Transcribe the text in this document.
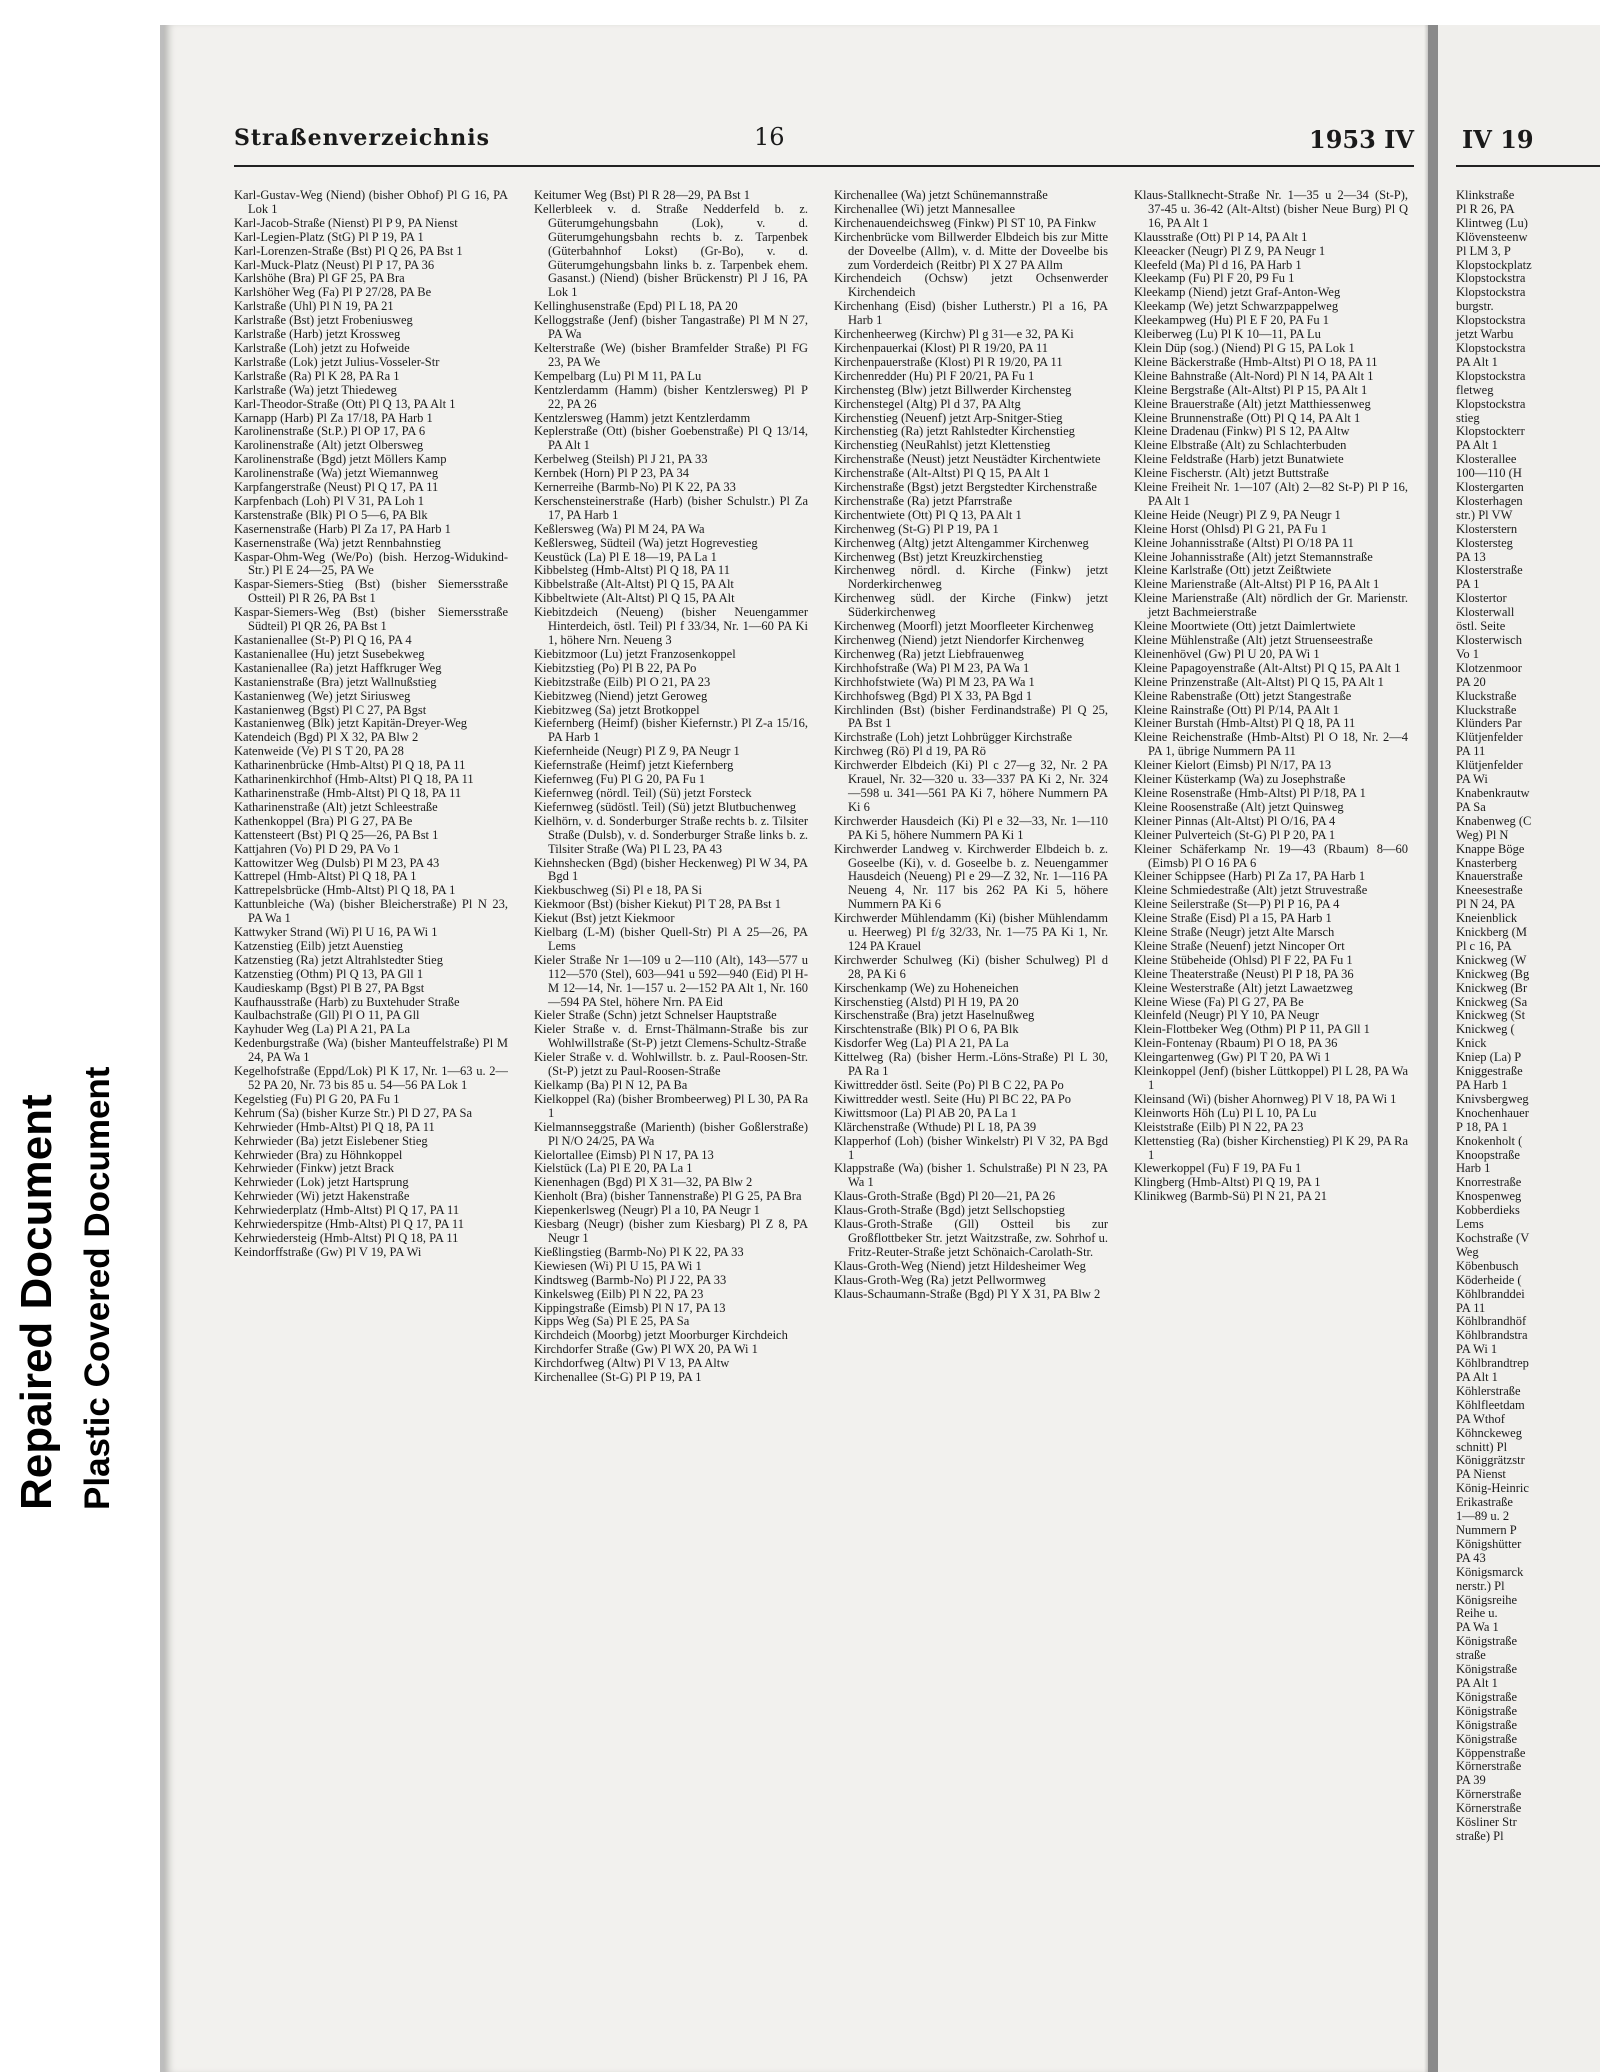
Repaired Document Plastic Covered Document
Straßenverzeichnis	16	1953 IV

Karl-Gustav-Weg (Niend) (bisher Obhof) Pl G 16, PA Lok 1

Karl-Jacob-Straße (Nienst) Pl P 9, PA Nienst

Karl-Legien-Platz (StG) Pl P 19, PA 1

Karl-Lorenzen-Straße (Bst) Pl Q 26, PA Bst 1

Karl-Muck-Platz (Neust) Pl P 17, PA 36

Karlshöhe (Bra) Pl GF 25, PA Bra

Karlshöher Weg (Fa) Pl P 27/28, PA Be

Karlstraße (Uhl) Pl N 19, PA 21

Karlstraße (Bst) jetzt Frobeniusweg

Karlstraße (Harb) jetzt Krossweg

Karlstraße (Loh) jetzt zu Hofweide

Karlstraße (Lok) jetzt Julius-Vosseler-Str

Karlstraße (Ra) Pl K 28, PA Ra 1

Karlstraße (Wa) jetzt Thiedeweg

Karl-Theodor-Straße (Ott) Pl Q 13, PA Alt 1

Karnapp (Harb) Pl Za 17/18, PA Harb 1

Karolinenstraße (St.P.) Pl OP 17, PA 6

Karolinenstraße (Alt) jetzt Olbersweg

Karolinenstraße (Bgd) jetzt Möllers Kamp

Karolinenstraße (Wa) jetzt Wiemannweg

Karpfangerstraße (Neust) Pl Q 17, PA 11

Karpfenbach (Loh) Pl V 31, PA Loh 1

Karstenstraße (Blk) Pl O 5—6, PA Blk

Kasernenstraße (Harb) Pl Za 17, PA Harb 1

Kasernenstraße (Wa) jetzt Rennbahnstieg

Kaspar-Ohm-Weg (We/Po) (bish. Herzog-Widukind-Str.) Pl E 24—25, PA We

Kaspar-Siemers-Stieg (Bst) (bisher Siemersstraße Ostteil) Pl R 26, PA Bst 1

Kaspar-Siemers-Weg (Bst) (bisher Siemersstraße Südteil) Pl QR 26, PA Bst 1

Kastanienallee (St-P) Pl Q 16, PA 4

Kastanienallee (Hu) jetzt Susebekweg

Kastanienallee (Ra) jetzt Haffkruger Weg

Kastanienstraße (Bra) jetzt Wallnußstieg

Kastanienweg (We) jetzt Siriusweg

Kastanienweg (Bgst) Pl C 27, PA Bgst

Kastanienweg (Blk) jetzt Kapitän-Dreyer-Weg

Katendeich (Bgd) Pl X 32, PA Blw 2

Katenweide (Ve) Pl S T 20, PA 28

Katharinenbrücke (Hmb-Altst) Pl Q 18, PA 11

Katharinenkirchhof (Hmb-Altst) Pl Q 18, PA 11

Katharinenstraße (Hmb-Altst) Pl Q 18, PA 11

Katharinenstraße (Alt) jetzt Schleestraße

Kathenkoppel (Bra) Pl G 27, PA Be

Kattensteert (Bst) Pl Q 25—26, PA Bst 1

Kattjahren (Vo) Pl D 29, PA Vo 1

Kattowitzer Weg (Dulsb) Pl M 23, PA 43

Kattrepel (Hmb-Altst) Pl Q 18, PA 1

Kattrepelsbrücke (Hmb-Altst) Pl Q 18, PA 1

Kattunbleiche (Wa) (bisher Bleicherstraße) Pl N 23, PA Wa 1

Kattwyker Strand (Wi) Pl U 16, PA Wi 1

Katzenstieg (Eilb) jetzt Auenstieg

Katzenstieg (Ra) jetzt Altrahlstedter Stieg

Katzenstieg (Othm) Pl Q 13, PA Gll 1

Kaudieskamp (Bgst) Pl B 27, PA Bgst

Kaufhausstraße (Harb) zu Buxtehuder Straße

Kaulbachstraße (Gll) Pl O 11, PA Gll

Kayhuder Weg (La) Pl A 21, PA La

Kedenburgstraße (Wa) (bisher Manteuffelstraße) Pl M 24, PA Wa 1

Kegelhofstraße (Eppd/Lok) Pl K 17, Nr. 1—63 u. 2—52 PA 20, Nr. 73 bis 85 u. 54—56 PA Lok 1

Kegelstieg (Fu) Pl G 20, PA Fu 1

Kehrum (Sa) (bisher Kurze Str.) Pl D 27, PA Sa

Kehrwieder (Hmb-Altst) Pl Q 18, PA 11

Kehrwieder (Ba) jetzt Eislebener Stieg

Kehrwieder (Bra) zu Höhnkoppel

Kehrwieder (Finkw) jetzt Brack

Kehrwieder (Lok) jetzt Hartsprung

Kehrwieder (Wi) jetzt Hakenstraße

Kehrwiederplatz (Hmb-Altst) Pl Q 17, PA 11

Kehrwiederspitze (Hmb-Altst) Pl Q 17, PA 11

Kehrwiedersteig (Hmb-Altst) Pl Q 18, PA 11

Keindorffstraße (Gw) Pl V 19, PA Wi

Keitumer Weg (Bst) Pl R 28—29, PA Bst 1

Kellerbleek v. d. Straße Nedderfeld b. z. Güterumgehungsbahn (Lok), v. d. Güterumgehungsbahn rechts b. z. Tarpenbek (Güterbahnhof Lokst) (Gr-Bo), v. d. Güterumgehungsbahn links b. z. Tarpenbek ehem. Gasanst.) (Niend) (bisher Brückenstr) Pl J 16, PA Lok 1

Kellinghusenstraße (Epd) Pl L 18, PA 20

Kelloggstraße (Jenf) (bisher Tangastraße) Pl M N 27, PA Wa

Kelterstraße (We) (bisher Bramfelder Straße) Pl FG 23, PA We

Kempelbarg (Lu) Pl M 11, PA Lu

Kentzlerdamm (Hamm) (bisher Kentzlersweg) Pl P 22, PA 26

Kentzlersweg (Hamm) jetzt Kentzlerdamm

Keplerstraße (Ott) (bisher Goebenstraße) Pl Q 13/14, PA Alt 1

Kerbelweg (Steilsh) Pl J 21, PA 33

Kernbek (Horn) Pl P 23, PA 34

Kernerreihe (Barmb-No) Pl K 22, PA 33

Kerschensteinerstraße (Harb) (bisher Schulstr.) Pl Za 17, PA Harb 1

Keßlersweg (Wa) Pl M 24, PA Wa

Keßlersweg, Südteil (Wa) jetzt Hogrevestieg

Keustück (La) Pl E 18—19, PA La 1

Kibbelsteg (Hmb-Altst) Pl Q 18, PA 11

Kibbelstraße (Alt-Altst) Pl Q 15, PA Alt

Kibbeltwiete (Alt-Altst) Pl Q 15, PA Alt

Kiebitzdeich (Neueng) (bisher Neuengammer Hinterdeich, östl. Teil) Pl f 33/34, Nr. 1—60 PA Ki 1, höhere Nrn. Neueng 3

Kiebitzmoor (Lu) jetzt Franzosenkoppel

Kiebitzstieg (Po) Pl B 22, PA Po

Kiebitzstraße (Eilb) Pl O 21, PA 23

Kiebitzweg (Niend) jetzt Geroweg

Kiebitzweg (Sa) jetzt Brotkoppel

Kiefernberg (Heimf) (bisher Kiefernstr.) Pl Z-a 15/16, PA Harb 1

Kiefernheide (Neugr) Pl Z 9, PA Neugr 1

Kiefernstraße (Heimf) jetzt Kiefernberg

Kiefernweg (Fu) Pl G 20, PA Fu 1

Kiefernweg (nördl. Teil) (Sü) jetzt Forsteck

Kiefernweg (südöstl. Teil) (Sü) jetzt Blutbuchenweg

Kielhörn, v. d. Sonderburger Straße rechts b. z. Tilsiter Straße (Dulsb), v. d. Sonderburger Straße links b. z. Tilsiter Straße (Wa) Pl L 23, PA 43

Kiehnshecken (Bgd) (bisher Heckenweg) Pl W 34, PA Bgd 1

Kiekbuschweg (Si) Pl e 18, PA Si

Kiekmoor (Bst) (bisher Kiekut) Pl T 28, PA Bst 1

Kiekut (Bst) jetzt Kiekmoor

Kielbarg (L-M) (bisher Quell-Str) Pl A 25—26, PA Lems

Kieler Straße Nr 1—109 u 2—110 (Alt), 143—577 u 112—570 (Stel), 603—941 u 592—940 (Eid) Pl H-M 12—14, Nr. 1—157 u. 2—152 PA Alt 1, Nr. 160—594 PA Stel, höhere Nrn. PA Eid

Kieler Straße (Schn) jetzt Schnelser Hauptstraße

Kieler Straße v. d. Ernst-Thälmann-Straße bis zur Wohlwillstraße (St-P) jetzt Clemens-Schultz-Straße

Kieler Straße v. d. Wohlwillstr. b. z. Paul-Roosen-Str. (St-P) jetzt zu Paul-Roosen-Straße

Kielkamp (Ba) Pl N 12, PA Ba

Kielkoppel (Ra) (bisher Brombeerweg) Pl L 30, PA Ra 1

Kielmannseggstraße (Marienth) (bisher Goßlerstraße) Pl N/O 24/25, PA Wa

Kielortallee (Eimsb) Pl N 17, PA 13

Kielstück (La) Pl E 20, PA La 1

Kienenhagen (Bgd) Pl X 31—32, PA Blw 2

Kienholt (Bra) (bisher Tannenstraße) Pl G 25, PA Bra

Kiepenkerlsweg (Neugr) Pl a 10, PA Neugr 1

Kiesbarg (Neugr) (bisher zum Kiesbarg) Pl Z 8, PA Neugr 1

Kießlingstieg (Barmb-No) Pl K 22, PA 33

Kiewiesen (Wi) Pl U 15, PA Wi 1

Kindtsweg (Barmb-No) Pl J 22, PA 33

Kinkelsweg (Eilb) Pl N 22, PA 23

Kippingstraße (Eimsb) Pl N 17, PA 13

Kipps Weg (Sa) Pl E 25, PA Sa

Kirchdeich (Moorbg) jetzt Moorburger Kirchdeich

Kirchdorfer Straße (Gw) Pl WX 20, PA Wi 1

Kirchdorfweg (Altw) Pl V 13, PA Altw

Kirchenallee (St-G) Pl P 19, PA 1

Kirchenallee (Wa) jetzt Schünemannstraße

Kirchenallee (Wi) jetzt Mannesallee

Kirchenauendeichsweg (Finkw) Pl ST 10, PA Finkw

Kirchenbrücke vom Billwerder Elbdeich bis zur Mitte der Doveelbe (Allm), v. d. Mitte der Doveelbe bis zum Vorderdeich (Reitbr) Pl X 27 PA Allm

Kirchendeich (Ochsw) jetzt Ochsenwerder Kirchendeich

Kirchenhang (Eisd) (bisher Lutherstr.) Pl a 16, PA Harb 1

Kirchenheerweg (Kirchw) Pl g 31—e 32, PA Ki

Kirchenpauerkai (Klost) Pl R 19/20, PA 11

Kirchenpauerstraße (Klost) Pl R 19/20, PA 11

Kirchenredder (Hu) Pl F 20/21, PA Fu 1

Kirchensteg (Blw) jetzt Billwerder Kirchensteg

Kirchenstegel (Altg) Pl d 37, PA Altg

Kirchenstieg (Neuenf) jetzt Arp-Snitger-Stieg

Kirchenstieg (Ra) jetzt Rahlstedter Kirchenstieg

Kirchenstieg (NeuRahlst) jetzt Klettenstieg

Kirchenstraße (Neust) jetzt Neustädter Kirchentwiete

Kirchenstraße (Alt-Altst) Pl Q 15, PA Alt 1

Kirchenstraße (Bgst) jetzt Bergstedter Kirchenstraße

Kirchenstraße (Ra) jetzt Pfarrstraße

Kirchentwiete (Ott) Pl Q 13, PA Alt 1

Kirchenweg (St-G) Pl P 19, PA 1

Kirchenweg (Altg) jetzt Altengammer Kirchenweg

Kirchenweg (Bst) jetzt Kreuzkirchenstieg

Kirchenweg nördl. d. Kirche (Finkw) jetzt Norderkirchenweg

Kirchenweg südl. der Kirche (Finkw) jetzt Süderkirchenweg

Kirchenweg (Moorfl) jetzt Moorfleeter Kirchenweg

Kirchenweg (Niend) jetzt Niendorfer Kirchenweg

Kirchenweg (Ra) jetzt Liebfrauenweg

Kirchhofstraße (Wa) Pl M 23, PA Wa 1

Kirchhofstwiete (Wa) Pl M 23, PA Wa 1

Kirchhofsweg (Bgd) Pl X 33, PA Bgd 1

Kirchlinden (Bst) (bisher Ferdinandstraße) Pl Q 25, PA Bst 1

Kirchstraße (Loh) jetzt Lohbrügger Kirchstraße

Kirchweg (Rö) Pl d 19, PA Rö

Kirchwerder Elbdeich (Ki) Pl c 27—g 32, Nr. 2 PA Krauel, Nr. 32—320 u. 33—337 PA Ki 2, Nr. 324—598 u. 341—561 PA Ki 7, höhere Nummern PA Ki 6

Kirchwerder Hausdeich (Ki) Pl e 32—33, Nr. 1—110 PA Ki 5, höhere Nummern PA Ki 1

Kirchwerder Landweg v. Kirchwerder Elbdeich b. z. Goseelbe (Ki), v. d. Goseelbe b. z. Neuengammer Hausdeich (Neueng) Pl e 29—Z 32, Nr. 1—116 PA Neueng 4, Nr. 117 bis 262 PA Ki 5, höhere Nummern PA Ki 6

Kirchwerder Mühlendamm (Ki) (bisher Mühlendamm u. Heerweg) Pl f/g 32/33, Nr. 1—75 PA Ki 1, Nr. 124 PA Krauel

Kirchwerder Schulweg (Ki) (bisher Schulweg) Pl d 28, PA Ki 6

Kirschenkamp (We) zu Hoheneichen

Kirschenstieg (Alstd) Pl H 19, PA 20

Kirschenstraße (Bra) jetzt Haselnußweg

Kirschtenstraße (Blk) Pl O 6, PA Blk

Kisdorfer Weg (La) Pl A 21, PA La

Kittelweg (Ra) (bisher Herm.-Löns-Straße) Pl L 30, PA Ra 1

Kiwittredder östl. Seite (Po) Pl B C 22, PA Po

Kiwittredder westl. Seite (Hu) Pl BC 22, PA Po

Kiwittsmoor (La) Pl AB 20, PA La 1

Klärchenstraße (Wthude) Pl L 18, PA 39

Klapperhof (Loh) (bisher Winkelstr) Pl V 32, PA Bgd 1

Klappstraße (Wa) (bisher 1. Schulstraße) Pl N 23, PA Wa 1

Klaus-Groth-Straße (Bgd) Pl 20—21, PA 26

Klaus-Groth-Straße (Bgd) jetzt Sellschopstieg

Klaus-Groth-Straße (Gll) Ostteil bis zur Großflottbeker Str. jetzt Waitzstraße, zw. Sohrhof u. Fritz-Reuter-Straße jetzt Schönaich-Carolath-Str.

Klaus-Groth-Weg (Niend) jetzt Hildesheimer Weg

Klaus-Groth-Weg (Ra) jetzt Pellwormweg

Klaus-Schaumann-Straße (Bgd) Pl Y X 31, PA Blw 2

Klaus-Stallknecht-Straße Nr. 1—35 u 2—34 (St-P), 37-45 u. 36-42 (Alt-Altst) (bisher Neue Burg) Pl Q 16, PA Alt 1

Klausstraße (Ott) Pl P 14, PA Alt 1

Kleeacker (Neugr) Pl Z 9, PA Neugr 1

Kleefeld (Ma) Pl d 16, PA Harb 1

Kleekamp (Fu) Pl F 20, P9 Fu 1

Kleekamp (Niend) jetzt Graf-Anton-Weg

Kleekamp (We) jetzt Schwarzpappelweg

Kleekampweg (Hu) Pl E F 20, PA Fu 1

Kleiberweg (Lu) Pl K 10—11, PA Lu

Klein Düp (sog.) (Niend) Pl G 15, PA Lok 1

Kleine Bäckerstraße (Hmb-Altst) Pl O 18, PA 11

Kleine Bahnstraße (Alt-Nord) Pl N 14, PA Alt 1

Kleine Bergstraße (Alt-Altst) Pl P 15, PA Alt 1

Kleine Brauerstraße (Alt) jetzt Matthiessenweg

Kleine Brunnenstraße (Ott) Pl Q 14, PA Alt 1

Kleine Dradenau (Finkw) Pl S 12, PA Altw

Kleine Elbstraße (Alt) zu Schlachterbuden

Kleine Feldstraße (Harb) jetzt Bunatwiete

Kleine Fischerstr. (Alt) jetzt Buttstraße

Kleine Freiheit Nr. 1—107 (Alt) 2—82 St-P) Pl P 16, PA Alt 1

Kleine Heide (Neugr) Pl Z 9, PA Neugr 1

Kleine Horst (Ohlsd) Pl G 21, PA Fu 1

Kleine Johannisstraße (Altst) Pl O/18 PA 11

Kleine Johannisstraße (Alt) jetzt Stemannstraße

Kleine Karlstraße (Ott) jetzt Zeißtwiete

Kleine Marienstraße (Alt-Altst) Pl P 16, PA Alt 1

Kleine Marienstraße (Alt) nördlich der Gr. Marienstr. jetzt Bachmeierstraße

Kleine Moortwiete (Ott) jetzt Daimlertwiete

Kleine Mühlenstraße (Alt) jetzt Struenseestraße

Kleinenhövel (Gw) Pl U 20, PA Wi 1

Kleine Papagoyenstraße (Alt-Altst) Pl Q 15, PA Alt 1

Kleine Prinzenstraße (Alt-Altst) Pl Q 15, PA Alt 1

Kleine Rabenstraße (Ott) jetzt Stangestraße

Kleine Rainstraße (Ott) Pl P/14, PA Alt 1

Kleiner Burstah (Hmb-Altst) Pl Q 18, PA 11

Kleine Reichenstraße (Hmb-Altst) Pl O 18, Nr. 2—4 PA 1, übrige Nummern PA 11

Kleiner Kielort (Eimsb) Pl N/17, PA 13

Kleiner Küsterkamp (Wa) zu Josephstraße

Kleine Rosenstraße (Hmb-Altst) Pl P/18, PA 1

Kleine Roosenstraße (Alt) jetzt Quinsweg

Kleiner Pinnas (Alt-Altst) Pl O/16, PA 4

Kleiner Pulverteich (St-G) Pl P 20, PA 1

Kleiner Schäferkamp Nr. 19—43 (Rbaum) 8—60 (Eimsb) Pl O 16 PA 6

Kleiner Schippsee (Harb) Pl Za 17, PA Harb 1

Kleine Schmiedestraße (Alt) jetzt Struvestraße

Kleine Seilerstraße (St—P) Pl P 16, PA 4

Kleine Straße (Eisd) Pl a 15, PA Harb 1

Kleine Straße (Neugr) jetzt Alte Marsch

Kleine Straße (Neuenf) jetzt Nincoper Ort

Kleine Stübeheide (Ohlsd) Pl F 22, PA Fu 1

Kleine Theaterstraße (Neust) Pl P 18, PA 36

Kleine Westerstraße (Alt) jetzt Lawaetzweg

Kleine Wiese (Fa) Pl G 27, PA Be

Kleinfeld (Neugr) Pl Y 10, PA Neugr

Klein-Flottbeker Weg (Othm) Pl P 11, PA Gll 1

Klein-Fontenay (Rbaum) Pl O 18, PA 36

Kleingartenweg (Gw) Pl T 20, PA Wi 1

Kleinkoppel (Jenf) (bisher Lüttkoppel) Pl L 28, PA Wa 1

Kleinsand (Wi) (bisher Ahornweg) Pl V 18, PA Wi 1

Kleinworts Höh (Lu) Pl L 10, PA Lu

Kleiststraße (Eilb) Pl N 22, PA 23

Klettenstieg (Ra) (bisher Kirchenstieg) Pl K 29, PA Ra 1

Klewerkoppel (Fu) F 19, PA Fu 1

Klingberg (Hmb-Altst) Pl Q 19, PA 1

Klinikweg (Barmb-Sü) Pl N 21, PA 21

IV 19

Klinkstraße

Pl R 26, PA

Klintweg (Lu)

Klövensteenw

Pl LM 3, P

Klopstockplatz

Klopstockstra

Klopstockstra

burgstr.

Klopstockstra

jetzt Warbu

Klopstockstra

PA Alt 1

Klopstockstra

fletweg

Klopstockstra

stieg

Klopstockterr

PA Alt 1

Klosterallee

100—110 (H

Klostergarten

Klosterhagen

str.) Pl VW

Klosterstern

Klostersteg

PA 13

Klosterstraße

PA 1

Klostertor

Klosterwall

östl. Seite

Klosterwisch

Vo 1

Klotzenmoor

PA 20

Kluckstraße

Kluckstraße

Klünders Par

Klütjenfelder

PA 11

Klütjenfelder

PA Wi

Knabenkrautw

PA Sa

Knabenweg (C

Weg) Pl N

Knappe Böge

Knasterberg

Knauerstraße

Kneesestraße

Pl N 24, PA

Kneienblick

Knickberg (M

Pl c 16, PA

Knickweg (W

Knickweg (Bg

Knickweg (Br

Knickweg (Sa

Knickweg (St

Knickweg (

Knick

Kniep (La) P

Kniggestraße

PA Harb 1

Knivsbergweg

Knochenhauer

P 18, PA 1

Knokenholt (

Knoopstraße

Harb 1

Knorrestraße

Knospenweg

Kobberdieks

Lems

Kochstraße (V

Weg

Köbenbusch

Köderheide (

Köhlbranddei

PA 11

Köhlbrandhöf

Köhlbrandstra

PA Wi 1

Köhlbrandtrep

PA Alt 1

Köhlerstraße

Köhlfleetdam

PA Wthof

Köhnckeweg

schnitt) Pl

Königgrätzstr

PA Nienst

König-Heinric

Erikastraße

1—89 u. 2

Nummern P

Königshütter

PA 43

Königsmarck

nerstr.) Pl

Königsreihe

Reihe u.

PA Wa 1

Königstraße

straße

Königstraße

PA Alt 1

Königstraße

Königstraße

Königstraße

Königstraße

Köppenstraße

Körnerstraße

PA 39

Körnerstraße

Körnerstraße

Kösliner Str

straße) Pl
